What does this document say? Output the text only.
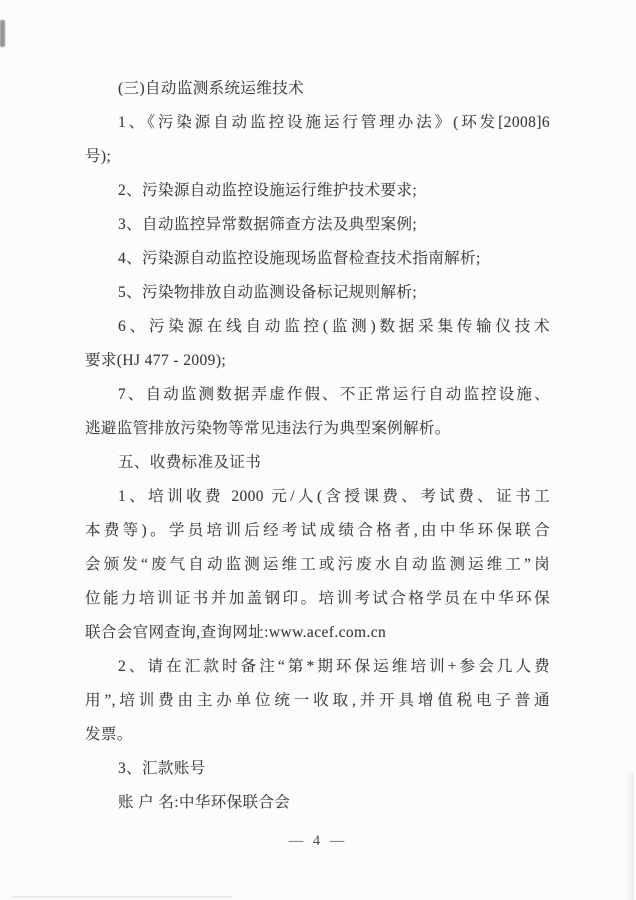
(三)自动监测系统运维技术
1、《污染源自动监控设施运行管理办法》(环发[2008]6
号);
2、污染源自动监控设施运行维护技术要求;
3、自动监控异常数据筛查方法及典型案例;
4、污染源自动监控设施现场监督检查技术指南解析;
5、污染物排放自动监测设备标记规则解析;
6、污染源在线自动监控(监测)数据采集传输仪技术
要求(HJ 477 - 2009);
7、自动监测数据弄虚作假、不正常运行自动监控设施、
逃避监管排放污染物等常见违法行为典型案例解析。
五、收费标准及证书
1、培训收费 2000 元/人(含授课费、考试费、证书工
本费等)。学员培训后经考试成绩合格者,由中华环保联合
会颁发“废气自动监测运维工或污废水自动监测运维工”岗
位能力培训证书并加盖钢印。培训考试合格学员在中华环保
联合会官网查询,查询网址:www.acef.com.cn
2、请在汇款时备注“第*期环保运维培训+参会几人费
用”,培训费由主办单位统一收取,并开具增值税电子普通
发票。
3、汇款账号
账 户 名:中华环保联合会
— 4 —
